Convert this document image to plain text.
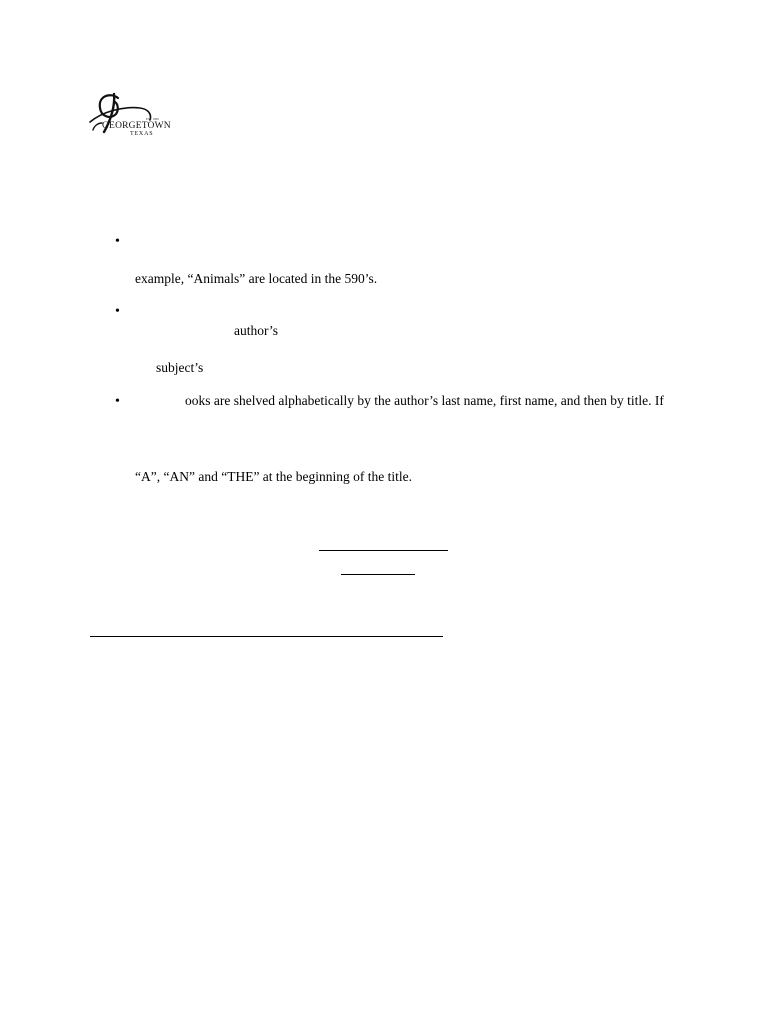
EST. 1848
GEORGETOWN
TEXAS
•
example, “Animals” are located in the 590’s.
•
author’s
subject’s
•	ooks are shelved alphabetically by the author’s last name, first name, and then by title. If
“A”, “AN” and “THE” at the beginning of the title.
